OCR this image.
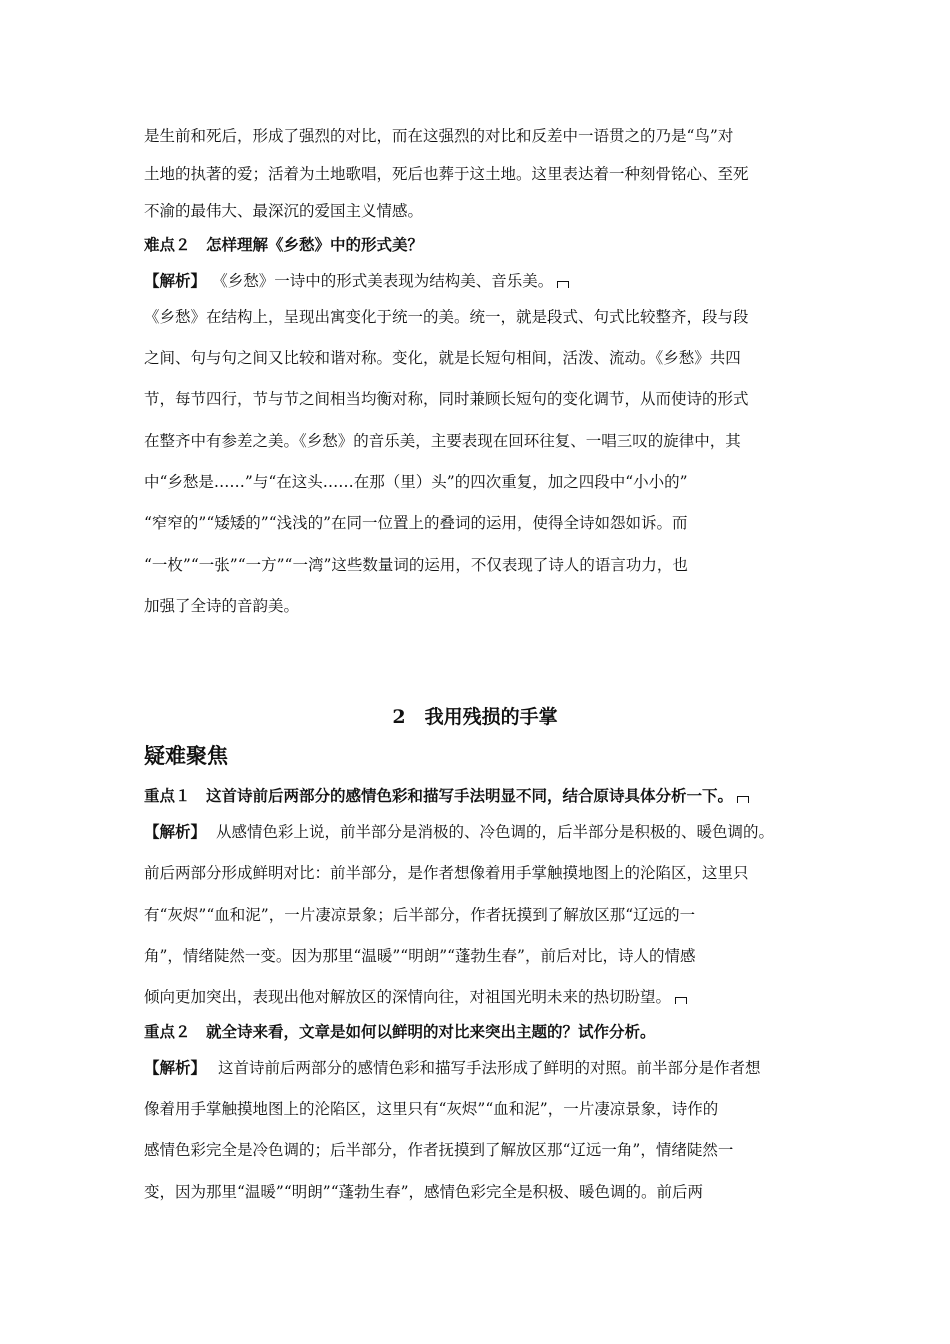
是生前和死后，形成了强烈的对比，而在这强烈的对比和反差中一语贯之的乃是“鸟”对
土地的执著的爱；活着为土地歌唱，死后也葬于这土地。这里表达着一种刻骨铭心、至死
不渝的最伟大、最深沉的爱国主义情感。
难点２　怎样理解《乡愁》中的形式美？
【解析】 《乡愁》一诗中的形式美表现为结构美、音乐美。
《乡愁》在结构上，呈现出寓变化于统一的美。统一，就是段式、句式比较整齐，段与段
之间、句与句之间又比较和谐对称。变化，就是长短句相间，活泼、流动。《乡愁》共四
节，每节四行，节与节之间相当均衡对称，同时兼顾长短句的变化调节，从而使诗的形式
在整齐中有参差之美。《乡愁》的音乐美，主要表现在回环往复、一唱三叹的旋律中，其
中“乡愁是……”与“在这头……在那（里）头”的四次重复，加之四段中“小小的”
“窄窄的”“矮矮的”“浅浅的”在同一位置上的叠词的运用，使得全诗如怨如诉。而
“一枚”“一张”“一方”“一湾”这些数量词的运用，不仅表现了诗人的语言功力，也
加强了全诗的音韵美。
2　我用残损的手掌
疑难聚焦
重点１　这首诗前后两部分的感情色彩和描写手法明显不同，结合原诗具体分析一下。
【解析】 从感情色彩上说，前半部分是消极的、冷色调的，后半部分是积极的、暖色调的。
前后两部分形成鲜明对比：前半部分，是作者想像着用手掌触摸地图上的沦陷区，这里只
有“灰烬”“血和泥”，一片凄凉景象；后半部分，作者抚摸到了解放区那“辽远的一
角”，情绪陡然一变。因为那里“温暖”“明朗”“蓬勃生春”，前后对比，诗人的情感
倾向更加突出，表现出他对解放区的深情向往，对祖国光明未来的热切盼望。
重点２　就全诗来看，文章是如何以鲜明的对比来突出主题的？试作分析。
【解析】 这首诗前后两部分的感情色彩和描写手法形成了鲜明的对照。前半部分是作者想
像着用手掌触摸地图上的沦陷区，这里只有“灰烬”“血和泥”，一片凄凉景象，诗作的
感情色彩完全是冷色调的；后半部分，作者抚摸到了解放区那“辽远一角”，情绪陡然一
变，因为那里“温暖”“明朗”“蓬勃生春”，感情色彩完全是积极、暖色调的。前后两
